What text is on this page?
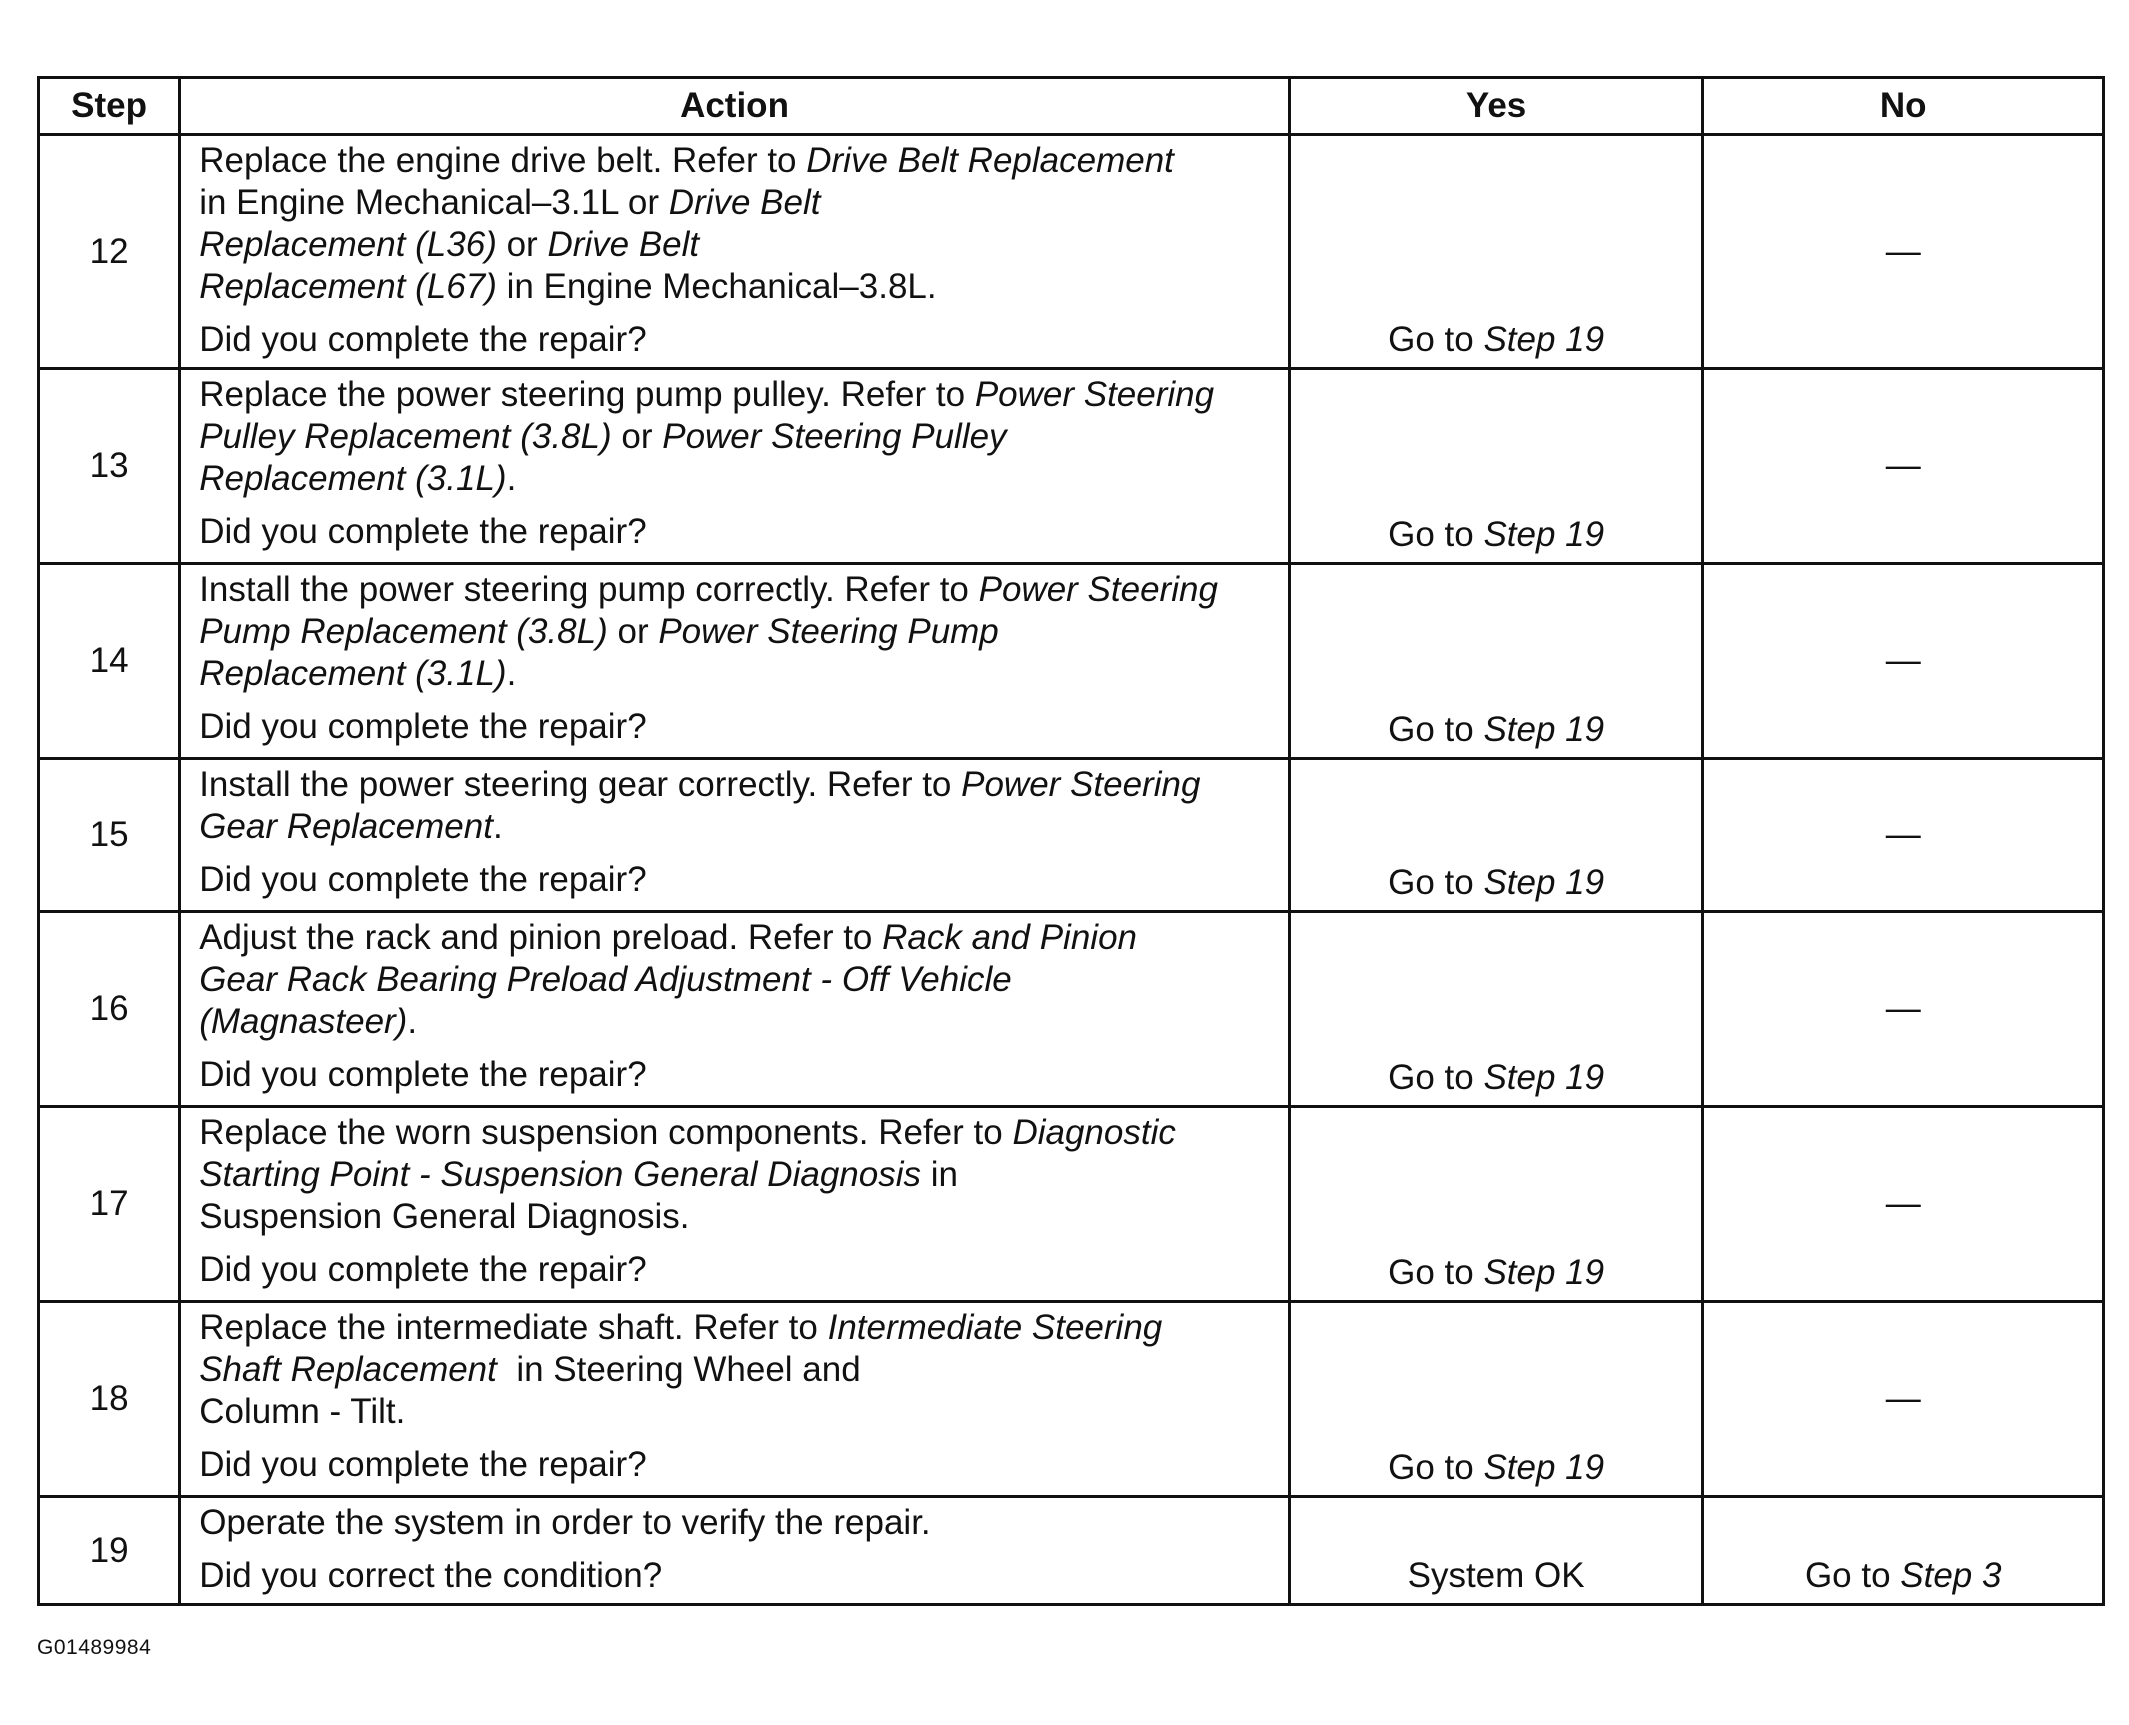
Step	Action	Yes	No
12	Replace the engine drive belt. Refer to Drive Belt Replacement
in Engine Mechanical–3.1L or Drive Belt
Replacement (L36) or Drive Belt
Replacement (L67) in Engine Mechanical–3.8L.
Did you complete the repair?	Go to Step 19	—
13	Replace the power steering pump pulley. Refer to Power Steering
Pulley Replacement (3.8L) or Power Steering Pulley
Replacement (3.1L).
Did you complete the repair?	Go to Step 19	—
14	Install the power steering pump correctly. Refer to Power Steering
Pump Replacement (3.8L) or Power Steering Pump
Replacement (3.1L).
Did you complete the repair?	Go to Step 19	—
15	Install the power steering gear correctly. Refer to Power Steering
Gear Replacement.
Did you complete the repair?	Go to Step 19	—
16	Adjust the rack and pinion preload. Refer to Rack and Pinion
Gear Rack Bearing Preload Adjustment - Off Vehicle
(Magnasteer).
Did you complete the repair?	Go to Step 19	—
17	Replace the worn suspension components. Refer to Diagnostic
Starting Point - Suspension General Diagnosis in
Suspension General Diagnosis.
Did you complete the repair?	Go to Step 19	—
18	Replace the intermediate shaft. Refer to Intermediate Steering
Shaft Replacement  in Steering Wheel and
Column - Tilt.
Did you complete the repair?	Go to Step 19	—
19	Operate the system in order to verify the repair.
Did you correct the condition?	System OK	Go to Step 3
G01489984
